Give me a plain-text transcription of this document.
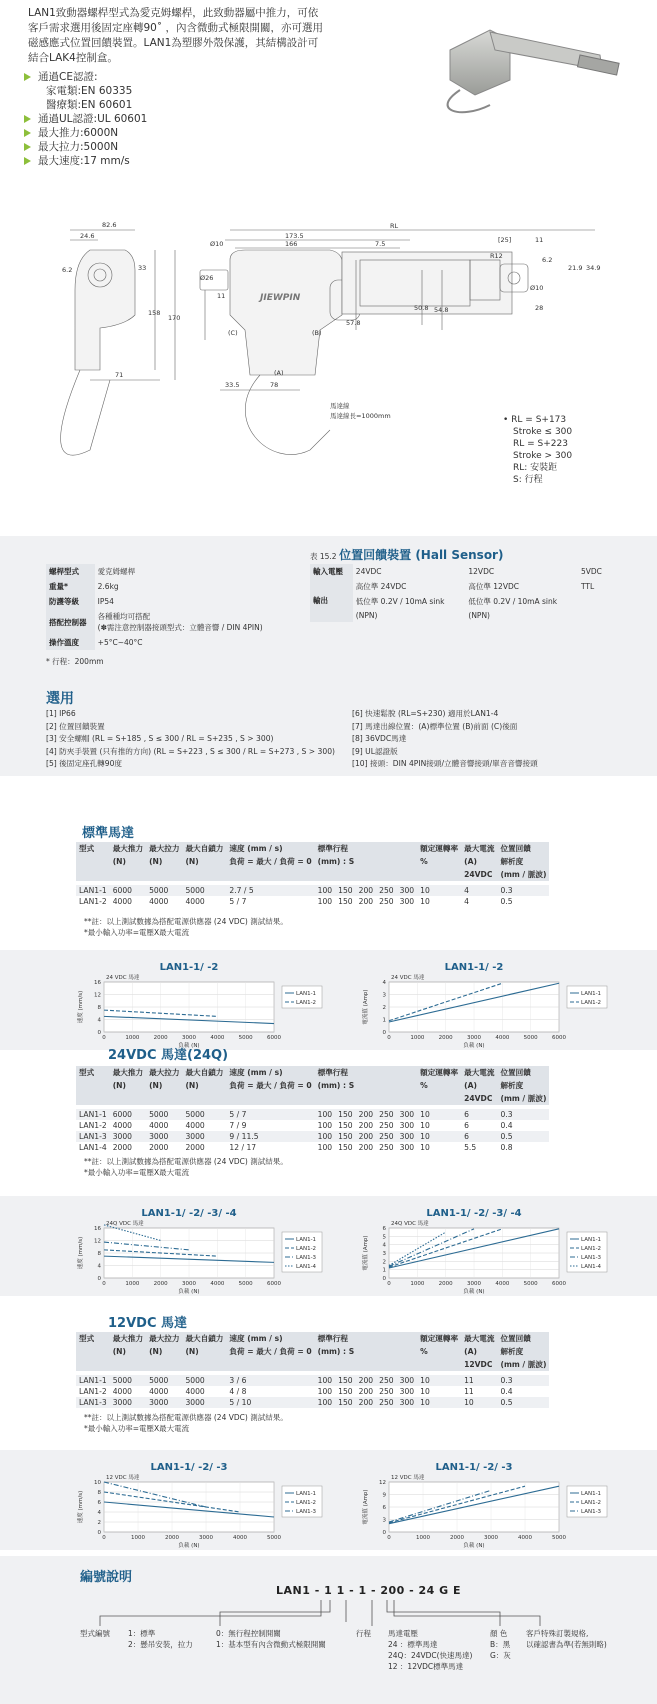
LAN1致動器螺桿型式為愛克姆螺桿，此致動器屬中推力，可依
客戶需求選用後固定座轉90˚ ，內含微動式極限開關，亦可選用
磁感應式位置回饋裝置。LAN1為塑膠外殼保護，其結構設計可
結合LAK4控制盒。
通過CE認證:
家電類:EN 60335
醫療類:EN 60601
通過UL認證:UL 60601
最大推力:6000N
最大拉力:5000N
最大速度:17 mm/s
JIEWPIN
RL
173.5
166
82.6
24.6
Ø10	7.5
33
6.2
Ø26
11
158
170
57.8
50.8 54.8
[25]	11
R12	6.2
21.9 34.9
Ø10
28
71
33.5	78
(C)	(B)
(A)
馬達線
馬達線長=1000mm	• RL = S+173
Stroke ≤ 300
RL = S+223
Stroke > 300
RL: 安裝距
S: 行程
螺桿型式	愛克姆螺桿
重量*	2.6kg
防護等級	IP54
搭配控制器	各種種均可搭配
(✽需注意控制器接頭型式：立體音響 / DIN 4PIN)

操作溫度	+5°C~40°C
* 行程：200mm
表 15.2 位置回饋裝置 (Hall Sensor)
輸入電壓	24VDC	12VDC	5VDC
輸出	高位準 24VDC	高位準 12VDC	TTL
	低位準 0.2V / 10mA sink	低位準 0.2V / 10mA sink	
	(NPN)	(NPN)	
選用
[1] IP66
[2] 位置回饋裝置
[3] 安全螺帽 (RL = S+185 , S ≤ 300 / RL = S+235 , S > 300)
[4] 防夾手裝置 (只有推的方向) (RL = S+223 , S ≤ 300 / RL = S+273 , S > 300)
[5] 後固定座孔轉90度
[6] 快速鬆脫 (RL=S+230) 適用於LAN1-4
[7] 馬達出線位置：(A)標準位置 (B)前面 (C)後面
[8] 36VDC馬達
[9] UL認證版
[10] 接頭：DIN 4PIN接頭/立體音響接頭/單音音響接頭
標準馬達
型式	最大推力	最大拉力	最大自鎖力	速度 (mm / s)	標準行程					額定運轉率	最大電流	位置回饋
	(N)	(N)	(N)	負荷 = 最大 / 負荷 = 0	(mm) : S					%	(A)	解析度
											24VDC	(mm / 脈波)

LAN1-1	6000	5000	5000	2.7 / 5	100	150	200	250	300	10	4	0.3
LAN1-2	4000	4000	4000	5 / 7	100	150	200	250	300	10	4	0.5
**註：以上測試數據為搭配電源供應器 (24 VDC) 測試結果。
*最小輸入功率=電壓X最大電流
LAN1-1/ -2
24 VDC 馬達
0
4
8
12
16
0	1000	2000	3000	4000	5000	6000
負載 (N)
速度 (mm/s)	LAN1-1
LAN1-2
LAN1-1/ -2
24 VDC 馬達
0
1
2
3
4
0	1000	2000	3000	4000	5000	6000
負載 (N)
電流值 (Amp)	LAN1-1
LAN1-2
24VDC 馬達(24Q)
型式	最大推力	最大拉力	最大自鎖力	速度 (mm / s)	標準行程					額定運轉率	最大電流	位置回饋
	(N)	(N)	(N)	負荷 = 最大 / 負荷 = 0	(mm) : S					%	(A)	解析度
											24VDC	(mm / 脈波)

LAN1-1	6000	5000	5000	5 / 7	100	150	200	250	300	10	6	0.3
LAN1-2	4000	4000	4000	7 / 9	100	150	200	250	300	10	6	0.4
LAN1-3	3000	3000	3000	9 / 11.5	100	150	200	250	300	10	6	0.5
LAN1-4	2000	2000	2000	12 / 17	100	150	200	250	300	10	5.5	0.8
**註：以上測試數據為搭配電源供應器 (24 VDC) 測試結果。
*最小輸入功率=電壓X最大電流
LAN1-1/ -2/ -3/ -4
24Q VDC 馬達
0
4
8
12
16
0	1000	2000	3000	4000	5000	6000
負載 (N)
速度 (mm/s)	LAN1-1
LAN1-2
LAN1-3
LAN1-4
LAN1-1/ -2/ -3/ -4
24Q VDC 馬達
0
1
2
3
4
5
6
0	1000	2000	3000	4000	5000	6000
負載 (N)
電流值 (Amp)	LAN1-1
LAN1-2
LAN1-3
LAN1-4
12VDC 馬達
型式	最大推力	最大拉力	最大自鎖力	速度 (mm / s)	標準行程					額定運轉率	最大電流	位置回饋
	(N)	(N)	(N)	負荷 = 最大 / 負荷 = 0	(mm) : S					%	(A)	解析度
											12VDC	(mm / 脈波)

LAN1-1	5000	5000	5000	3 / 6	100	150	200	250	300	10	11	0.3
LAN1-2	4000	4000	4000	4 / 8	100	150	200	250	300	10	11	0.4
LAN1-3	3000	3000	3000	5 / 10	100	150	200	250	300	10	10	0.5
**註：以上測試數據為搭配電源供應器 (24 VDC) 測試結果。
*最小輸入功率=電壓X最大電流
LAN1-1/ -2/ -3
12 VDC 馬達
0
2
4
6
8
10
0	1000	2000	3000	4000	5000
負載 (N)
速度 (mm/s)	LAN1-1
LAN1-2
LAN1-3
LAN1-1/ -2/ -3
12 VDC 馬達
0
3
6
9
12
0	1000	2000	3000	4000	5000
負載 (N)
電流值 (Amp)	LAN1-1
LAN1-2
LAN1-3
編號說明
LAN1 - 1 1 - 1 - 200 - 24 G E
型式編號 1：標準
2：懸吊安裝，拉力
0：無行程控制開關
1：基本型有內含微動式極限開關
行程 馬達電壓
24 ：標準馬達
24Q：24VDC(快速馬達)
12 ：12VDC標準馬達
顏 色
B：黑
G：灰
客戶特殊訂製規格,
以確認書為準(若無則略)
